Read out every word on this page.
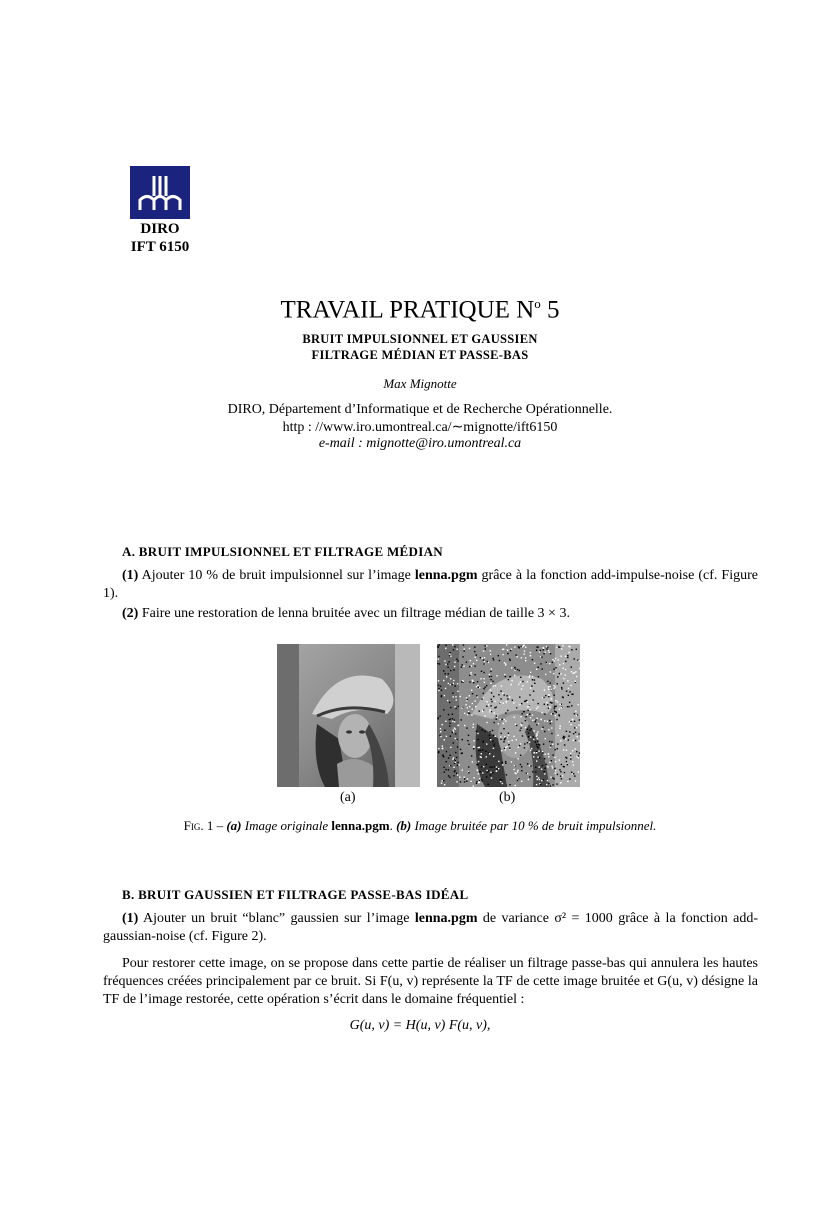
DIRO
IFT 6150
TRAVAIL PRATIQUE $N^o$ 5
BRUIT IMPULSIONNEL ET GAUSSIEN
FILTRAGE MÉDIAN ET PASSE-BAS
Max Mignotte
DIRO, Département d’Informatique et de Recherche Opérationnelle.
http : //www.iro.umontreal.ca/∼mignotte/ift6150
e-mail : mignotte@iro.umontreal.ca
A. BRUIT IMPULSIONNEL ET FILTRAGE MÉDIAN
(1) Ajouter 10 % de bruit impulsionnel sur l’image lenna.pgm grâce à la fonction add-impulse-noise (cf. Figure 1).
(2) Faire une restoration de lenna bruitée avec un filtrage médian de taille 3 × 3.
(a)	(b)
Fig. 1 – (a) Image originale lenna.pgm. (b) Image bruitée par 10 % de bruit impulsionnel.
B. BRUIT GAUSSIEN ET FILTRAGE PASSE-BAS IDÉAL
(1) Ajouter un bruit “blanc” gaussien sur l’image lenna.pgm de variance σ² = 1000 grâce à la fonction add-gaussian-noise (cf. Figure 2).
Pour restorer cette image, on se propose dans cette partie de réaliser un filtrage passe-bas qui annulera les hautes fréquences créées principalement par ce bruit. Si F(u, v) représente la TF de cette image bruitée et G(u, v) désigne la TF de l’image restorée, cette opération s’écrit dans le domaine fréquentiel :
G(u, v) = H(u, v) F(u, v),
